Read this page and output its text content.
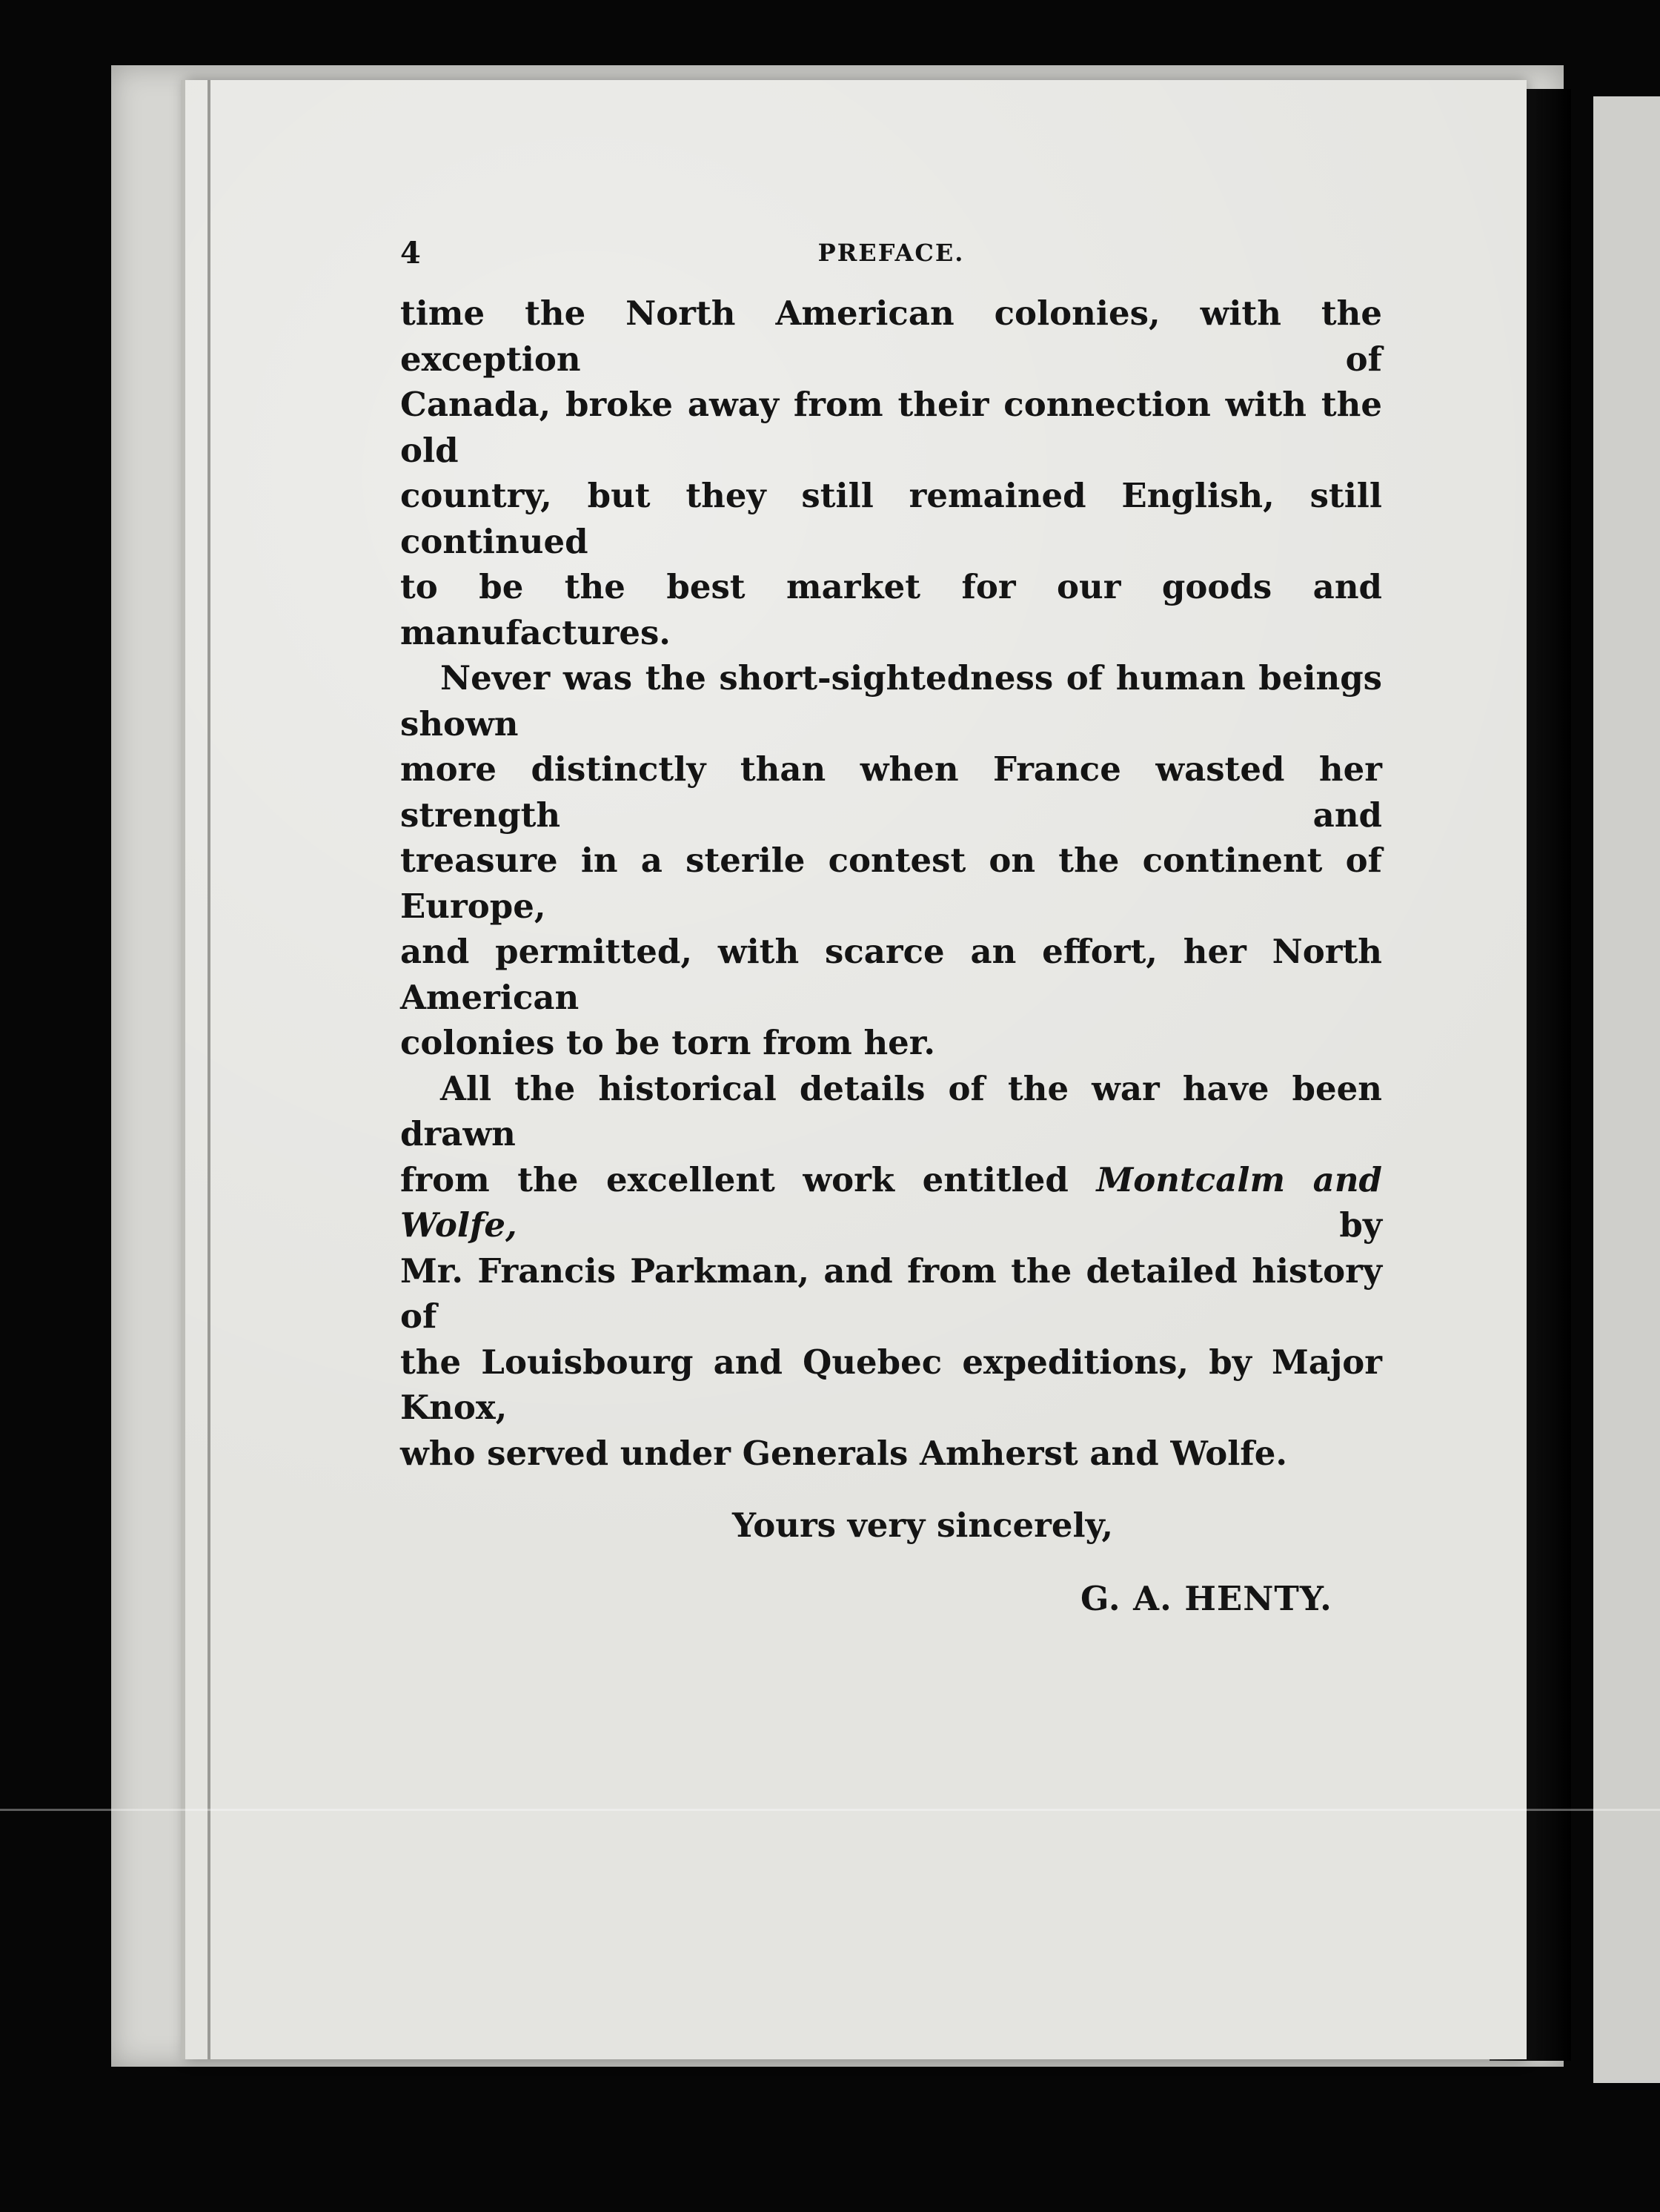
4	PREFACE.

time the North American colonies, with the exception of

Canada, broke away from their connection with the old

country, but they still remained English, still continued

to be the best market for our goods and manufactures.

Never was the short-sightedness of human beings shown

more distinctly than when France wasted her strength and

treasure in a sterile contest on the continent of Europe,

and permitted, with scarce an effort, her North American

colonies to be torn from her.

All the historical details of the war have been drawn

from the excellent work entitled Montcalm and Wolfe, by

Mr. Francis Parkman, and from the detailed history of

the Louisbourg and Quebec expeditions, by Major Knox,

who served under Generals Amherst and Wolfe.

Yours very sincerely,
G. A. HENTY.
